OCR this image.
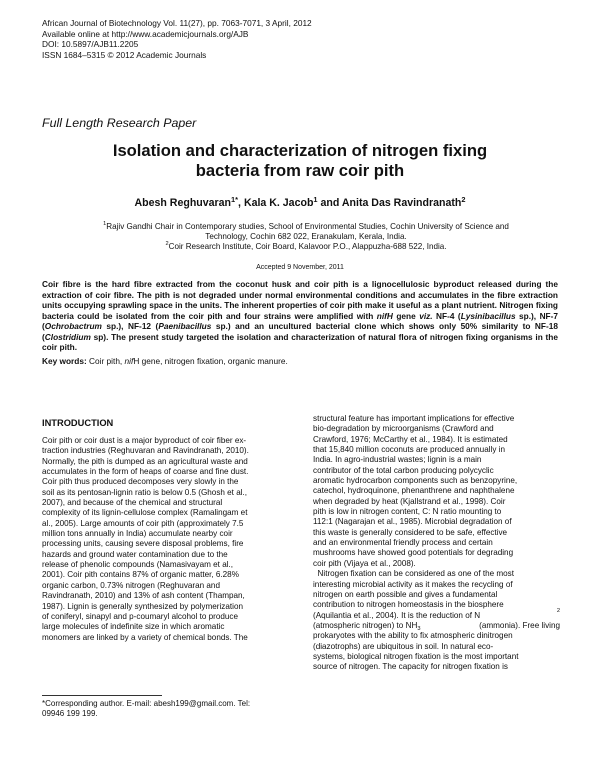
African Journal of Biotechnology Vol. 11(27), pp. 7063-7071, 3 April, 2012
Available online at http://www.academicjournals.org/AJB
DOI: 10.5897/AJB11.2205
ISSN 1684–5315 © 2012 Academic Journals
Full Length Research Paper
Isolation and characterization of nitrogen fixing
bacteria from raw coir pith
Abesh Reghuvaran$^{1*}$, Kala K. Jacob$^1$ and Anita Das Ravindranath$^2$
$^1$Rajiv Gandhi Chair in Contemporary studies, School of Environmental Studies, Cochin University of Science and
Technology, Cochin 682 022, Eranakulam, Kerala, India.
$^2$Coir Research Institute, Coir Board, Kalavoor P.O., Alappuzha-688 522, India.
Accepted 9 November, 2011
Coir fibre is the hard fibre extracted from the coconut husk and coir pith is a lignocellulosic byproduct released during the extraction of coir fibre. The pith is not degraded under normal environmental conditions and accumulates in the fibre extraction units occupying sprawling space in the units. The inherent properties of coir pith make it useful as a plant nutrient. Nitrogen fixing bacteria could be isolated from the coir pith and four strains were amplified with nifH gene viz. NF-4 (Lysinibacillus sp.), NF-7 (Ochrobactrum sp.), NF-12 (Paenibacillus sp.) and an uncultured bacterial clone which shows only 50% similarity to NF-18 (Clostridium sp). The present study targeted the isolation and characterization of natural flora of nitrogen fixing organisms in the coir pith.
Key words: Coir pith, nifH gene, nitrogen fixation, organic manure.
INTRODUCTION
Coir pith or coir dust is a major byproduct of coir fiber ex-
traction industries (Reghuvaran and Ravindranath, 2010).
Normally, the pith is dumped as an agricultural waste and
accumulates in the form of heaps of coarse and fine dust.
Coir pith thus produced decomposes very slowly in the
soil as its pentosan-lignin ratio is below 0.5 (Ghosh et al.,
2007), and because of the chemical and structural
complexity of its lignin-cellulose complex (Ramalingam et
al., 2005). Large amounts of coir pith (approximately 7.5
million tons annually in India) accumulate nearby coir
processing units, causing severe disposal problems, fire
hazards and ground water contamination due to the
release of phenolic compounds (Namasivayam et al.,
2001). Coir pith contains 87% of organic matter, 6.28%
organic carbon, 0.73% nitrogen (Reghuvaran and
Ravindranath, 2010) and 13% of ash content (Thampan,
1987). Lignin is generally synthesized by polymerization
of coniferyl, sinapyl and p-coumaryl alcohol to produce
large molecules of indefinite size in which aromatic
monomers are linked by a variety of chemical bonds. The
structural feature has important implications for effective
bio-degradation by microorganisms (Crawford and
Crawford, 1976; McCarthy et al., 1984). It is estimated
that 15,840 million coconuts are produced annually in
India. In agro-industrial wastes; lignin is a main
contributor of the total carbon producing polycyclic
aromatic hydrocarbon components such as benzopyrine,
catechol, hydroquinone, phenanthrene and naphthalene
when degraded by heat (Kjallstrand et al., 1998). Coir
pith is low in nitrogen content, C: N ratio mounting to
112:1 (Nagarajan et al., 1985). Microbial degradation of
this waste is generally considered to be safe, effective
and an environmental friendly process and certain
mushrooms have showed good potentials for degrading
coir pith (Vijaya et al., 2008).
Nitrogen fixation can be considered as one of the most
interesting microbial activity as it makes the recycling of
nitrogen on earth possible and gives a fundamental
contribution to nitrogen homeostasis in the biosphere
(Aquilantia et al., 2004). It is the reduction of N	2
(atmospheric nitrogen) to $NH_3$	(ammonia). Free living
prokaryotes with the ability to fix atmospheric dinitrogen
(diazotrophs) are ubiquitous in soil. In natural eco-
systems, biological nitrogen fixation is the most important
source of nitrogen. The capacity for nitrogen fixation is
*Corresponding author. E-mail: abesh199@gmail.com. Tel:
09946 199 199.
